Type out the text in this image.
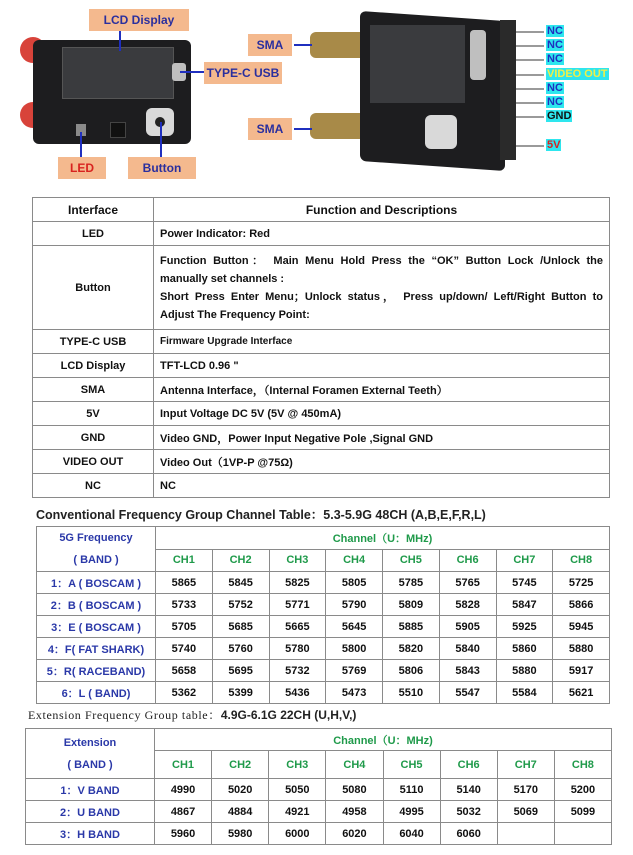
LCD Display
TYPE-C USB
LED	Button
SMA
SMA
NC
NC
NC
VIDEO OUT
NC
NC
GND
5V
Interface	Function and Descriptions
LED	Power Indicator: Red
Button	Function Button： Main Menu Hold Press the “OK” Button Lock /Unlock the manually set channels :
Short Press Enter Menu；Unlock status， Press up/down/ Left/Right Button to Adjust The Frequency Point:

TYPE-C USB	Firmware Upgrade Interface
LCD Display	TFT-LCD 0.96 "
SMA	Antenna Interface，（Internal Foramen External Teeth）
5V	Input Voltage DC 5V (5V @ 450mA)
GND	Video GND，Power Input Negative Pole ,Signal GND
VIDEO OUT	Video Out（1VP-P @75Ω)
NC	NC
Conventional Frequency Group Channel Table：5.3-5.9G 48CH (A,B,E,F,R,L)
5G Frequency
( BAND )	Channel（U：MHz)							
	CH1	CH2	CH3	CH4	CH5	CH6	CH7	CH8
1：A ( BOSCAM )	5865	5845	5825	5805	5785	5765	5745	5725
2：B ( BOSCAM )	5733	5752	5771	5790	5809	5828	5847	5866
3：E ( BOSCAM )	5705	5685	5665	5645	5885	5905	5925	5945
4：F( FAT SHARK)	5740	5760	5780	5800	5820	5840	5860	5880
5：R( RACEBAND)	5658	5695	5732	5769	5806	5843	5880	5917
6：L ( BAND)	5362	5399	5436	5473	5510	5547	5584	5621
Extension Frequency Group table：4.9G-6.1G 22CH (U,H,V,)
Extension
( BAND )	Channel（U：MHz)							
	CH1	CH2	CH3	CH4	CH5	CH6	CH7	CH8
1：V BAND	4990	5020	5050	5080	5110	5140	5170	5200
2：U BAND	4867	4884	4921	4958	4995	5032	5069	5099
3：H BAND	5960	5980	6000	6020	6040	6060		
